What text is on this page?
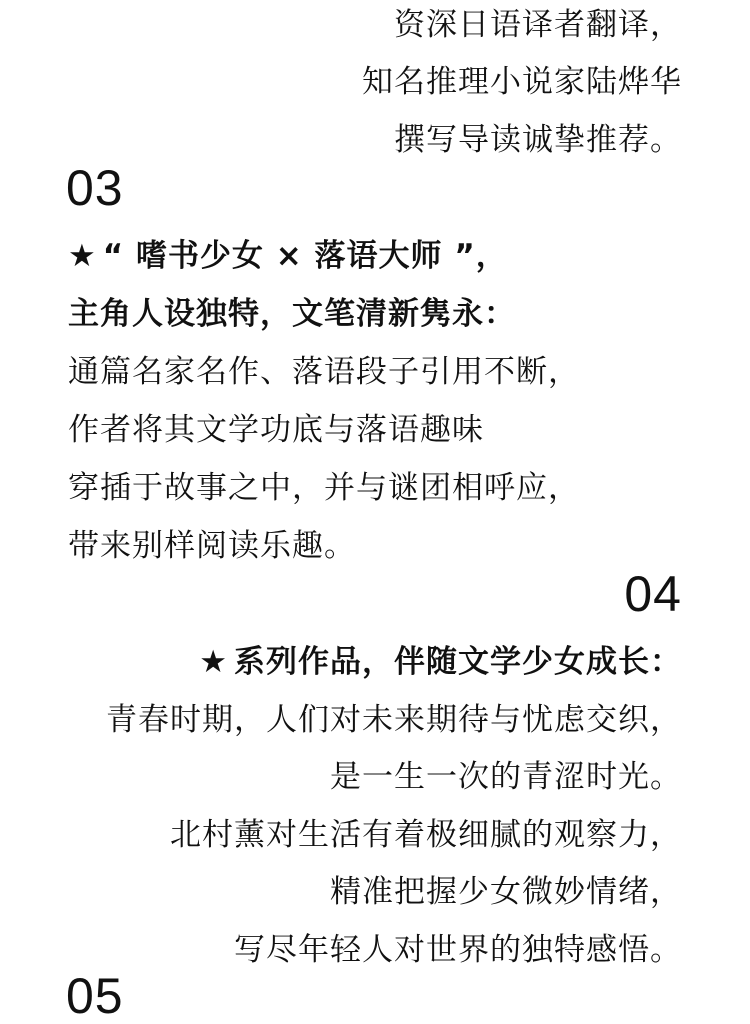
资深日语译者翻译，
知名推理小说家陆烨华
撰写导读诚挚推荐。
03
★ “ 嗜书少女 × 落语大师 ”，
主角人设独特，文笔清新隽永：
通篇名家名作、落语段子引用不断，
作者将其文学功底与落语趣味
穿插于故事之中，并与谜团相呼应，
带来别样阅读乐趣。
04
★ 系列作品，伴随文学少女成长：
青春时期，人们对未来期待与忧虑交织，
是一生一次的青涩时光。
北村薰对生活有着极细腻的观察力，
精准把握少女微妙情绪，
写尽年轻人对世界的独特感悟。
05
